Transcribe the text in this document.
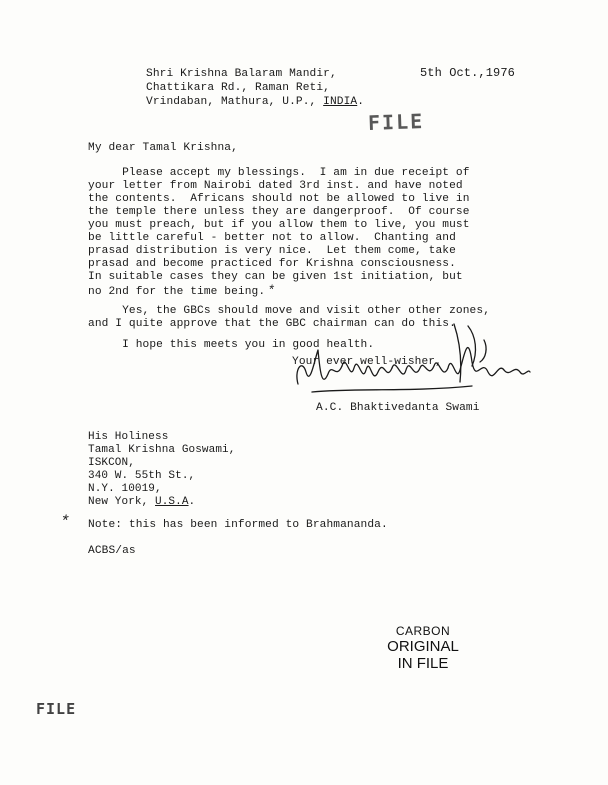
Shri Krishna Balaram Mandir,
Chattikara Rd., Raman Reti,
Vrindaban, Mathura, U.P., INDIA.
5th Oct.,1976
FILE
My dear Tamal Krishna,
Please accept my blessings.  I am in due receipt of
your letter from Nairobi dated 3rd inst. and have noted
the contents.  Africans should not be allowed to live in
the temple there unless they are dangerproof.  Of course
you must preach, but if you allow them to live, you must
be little careful - better not to allow.  Chanting and
prasad distribution is very nice.  Let them come, take
prasad and become practiced for Krishna consciousness.
In suitable cases they can be given 1st initiation, but
no 2nd for the time being. *
Yes, the GBCs should move and visit other other zones,
and I quite approve that the GBC chairman can do this.
I hope this meets you in good health.
Your ever well-wisher,
A.C. Bhaktivedanta Swami
His Holiness
Tamal Krishna Goswami,
ISKCON,
340 W. 55th St.,
N.Y. 10019,
New York, U.S.A.
* Note: this has been informed to Brahmananda.
ACBS/as
CARBON
ORIGINAL
IN FILE
FILE
